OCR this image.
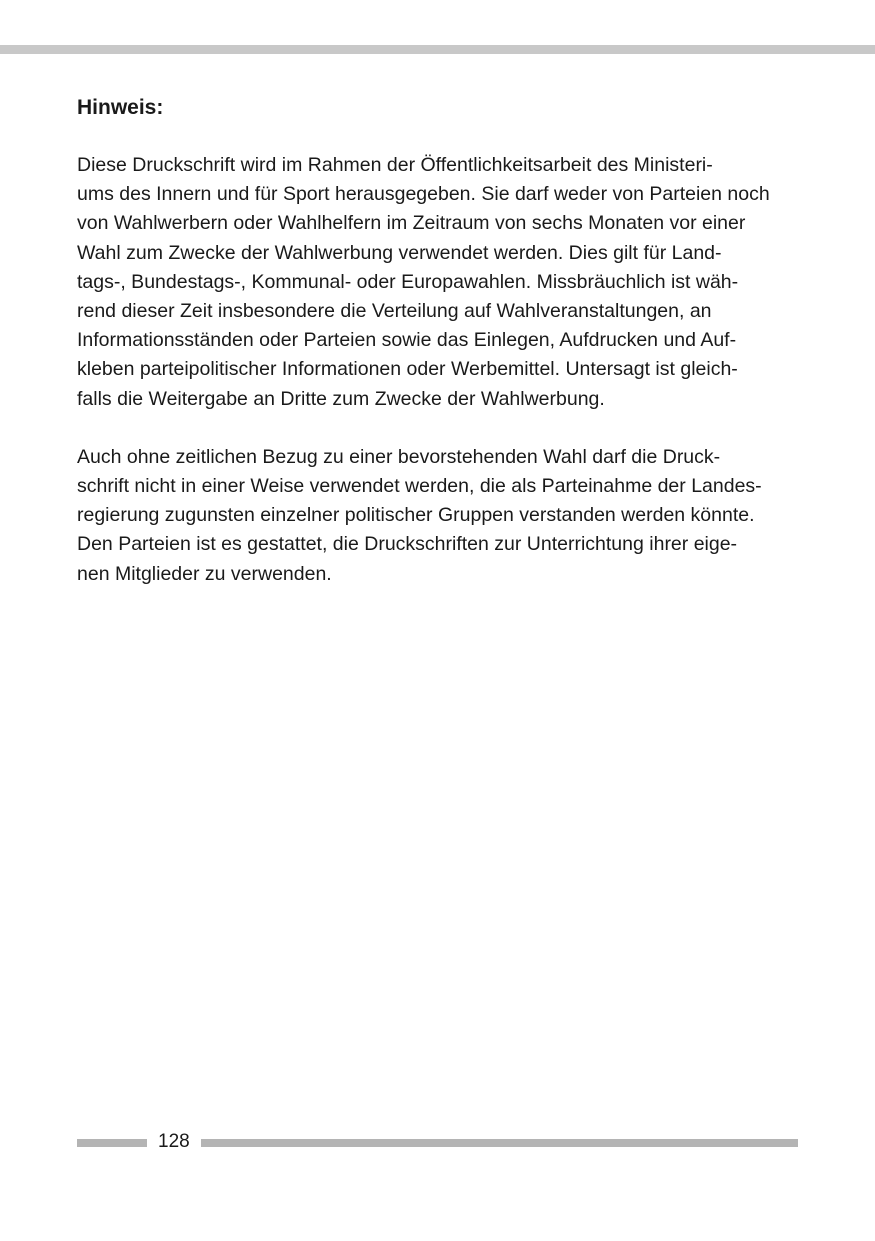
Hinweis:

Diese Druckschrift wird im Rahmen der Öffentlichkeitsarbeit des Ministeri-
ums des Innern und für Sport herausgegeben. Sie darf weder von Parteien noch
von Wahlwerbern oder Wahlhelfern im Zeitraum von sechs Monaten vor einer
Wahl zum Zwecke der Wahlwerbung verwendet werden. Dies gilt für Land-
tags-, Bundestags-, Kommunal- oder Europawahlen. Missbräuchlich ist wäh-
rend dieser Zeit insbesondere die Verteilung auf Wahlveranstaltungen, an
Informationsständen oder Parteien sowie das Einlegen, Aufdrucken und Auf-
kleben parteipolitischer Informationen oder Werbemittel. Untersagt ist gleich-
falls die Weitergabe an Dritte zum Zwecke der Wahlwerbung.

Auch ohne zeitlichen Bezug zu einer bevorstehenden Wahl darf die Druck-
schrift nicht in einer Weise verwendet werden, die als Parteinahme der Landes-
regierung zugunsten einzelner politischer Gruppen verstanden werden könnte.
Den Parteien ist es gestattet, die Druckschriften zur Unterrichtung ihrer eige-
nen Mitglieder zu verwenden.

128
